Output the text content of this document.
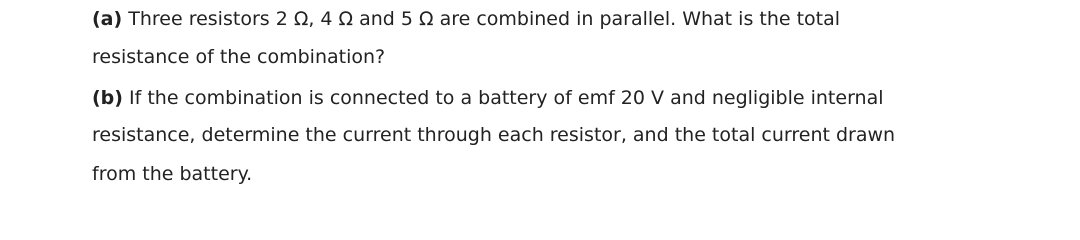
(a) Three resistors 2 Ω, 4 Ω and 5 Ω are combined in parallel. What is the total
resistance of the combination?
(b) If the combination is connected to a battery of emf 20 V and negligible internal
resistance, determine the current through each resistor, and the total current drawn
from the battery.
